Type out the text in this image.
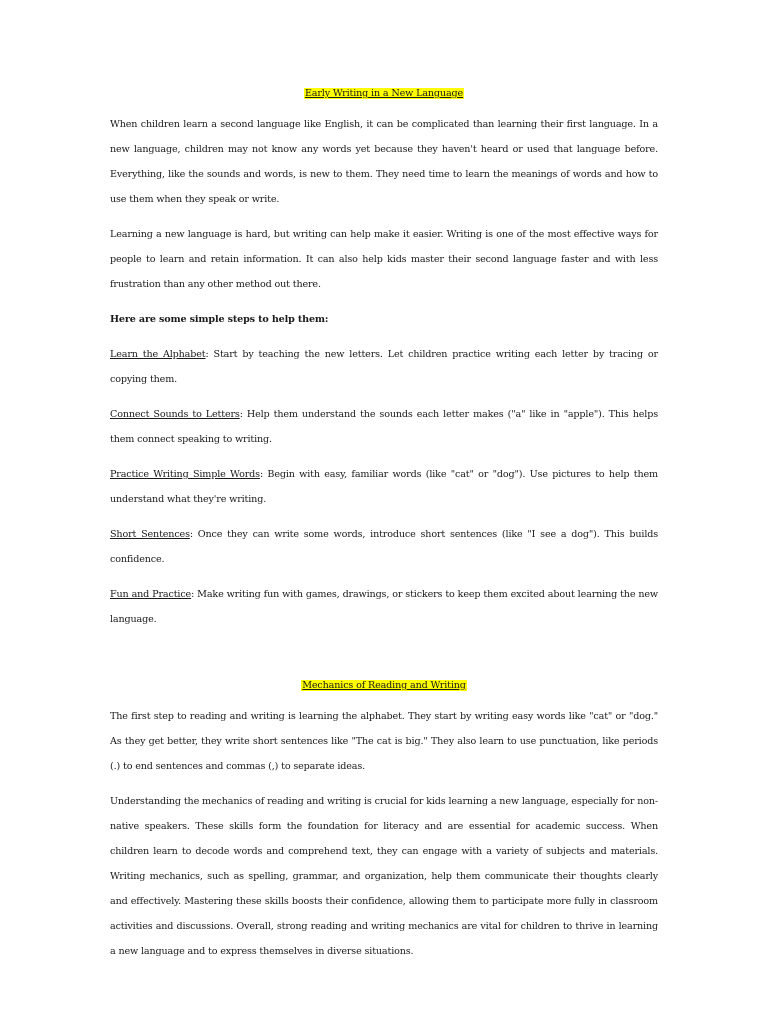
Early Writing in a New Language

When children learn a second language like English, it can be complicated than learning their first language. In a new language, children may not know any words yet because they haven't heard or used that language before. Everything, like the sounds and words, is new to them. They need time to learn the meanings of words and how to use them when they speak or write.

Learning a new language is hard, but writing can help make it easier. Writing is one of the most effective ways for people to learn and retain information. It can also help kids master their second language faster and with less frustration than any other method out there.

Here are some simple steps to help them:

Learn the Alphabet: Start by teaching the new letters. Let children practice writing each letter by tracing or copying them.

Connect Sounds to Letters: Help them understand the sounds each letter makes ("a" like in "apple"). This helps them connect speaking to writing.

Practice Writing Simple Words: Begin with easy, familiar words (like "cat" or "dog"). Use pictures to help them understand what they're writing.

Short Sentences: Once they can write some words, introduce short sentences (like "I see a dog"). This builds confidence.

Fun and Practice: Make writing fun with games, drawings, or stickers to keep them excited about learning the new language.

Mechanics of Reading and Writing

The first step to reading and writing is learning the alphabet. They start by writing easy words like "cat" or "dog." As they get better, they write short sentences like "The cat is big." They also learn to use punctuation, like periods (.) to end sentences and commas (,) to separate ideas.

Understanding the mechanics of reading and writing is crucial for kids learning a new language, especially for non-native speakers. These skills form the foundation for literacy and are essential for academic success. When children learn to decode words and comprehend text, they can engage with a variety of subjects and materials. Writing mechanics, such as spelling, grammar, and organization, help them communicate their thoughts clearly and effectively. Mastering these skills boosts their confidence, allowing them to participate more fully in classroom activities and discussions. Overall, strong reading and writing mechanics are vital for children to thrive in learning a new language and to express themselves in diverse situations.
